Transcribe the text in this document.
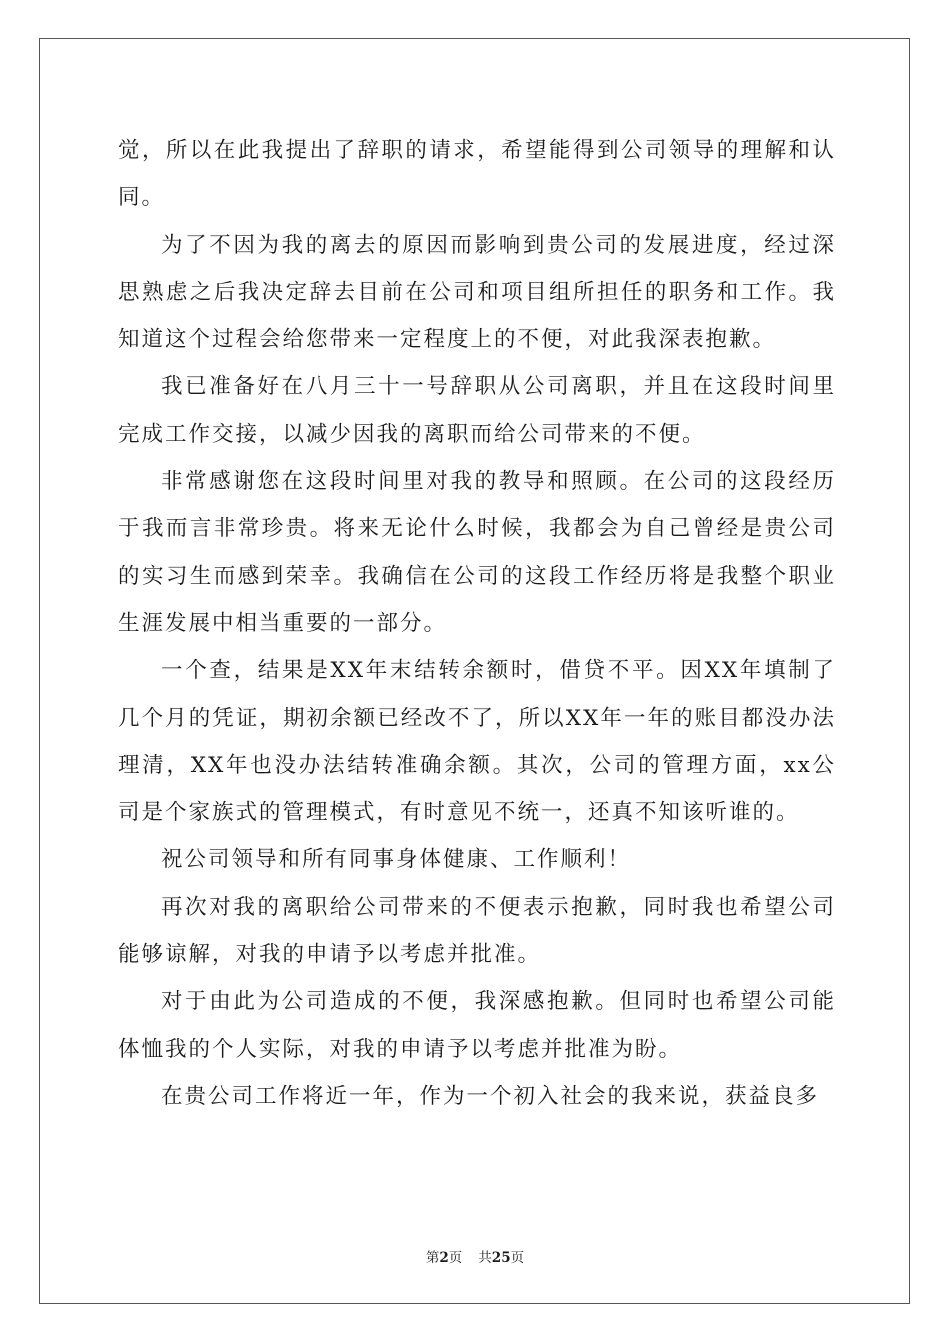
觉，所以在此我提出了辞职的请求，希望能得到公司领导的理解和认同。

为了不因为我的离去的原因而影响到贵公司的发展进度，经过深思熟虑之后我决定辞去目前在公司和项目组所担任的职务和工作。我知道这个过程会给您带来一定程度上的不便，对此我深表抱歉。

我已准备好在八月三十一号辞职从公司离职，并且在这段时间里完成工作交接，以减少因我的离职而给公司带来的不便。

非常感谢您在这段时间里对我的教导和照顾。在公司的这段经历于我而言非常珍贵。将来无论什么时候，我都会为自己曾经是贵公司的实习生而感到荣幸。我确信在公司的这段工作经历将是我整个职业生涯发展中相当重要的一部分。

一个查，结果是XX年末结转余额时，借贷不平。因XX年填制了几个月的凭证，期初余额已经改不了，所以XX年一年的账目都没办法理清，XX年也没办法结转准确余额。其次，公司的管理方面，xx公司是个家族式的管理模式，有时意见不统一，还真不知该听谁的。

祝公司领导和所有同事身体健康、工作顺利！

再次对我的离职给公司带来的不便表示抱歉，同时我也希望公司能够谅解，对我的申请予以考虑并批准。

对于由此为公司造成的不便，我深感抱歉。但同时也希望公司能体恤我的个人实际，对我的申请予以考虑并批准为盼。

在贵公司工作将近一年，作为一个初入社会的我来说，获益良多

第2页 共25页
